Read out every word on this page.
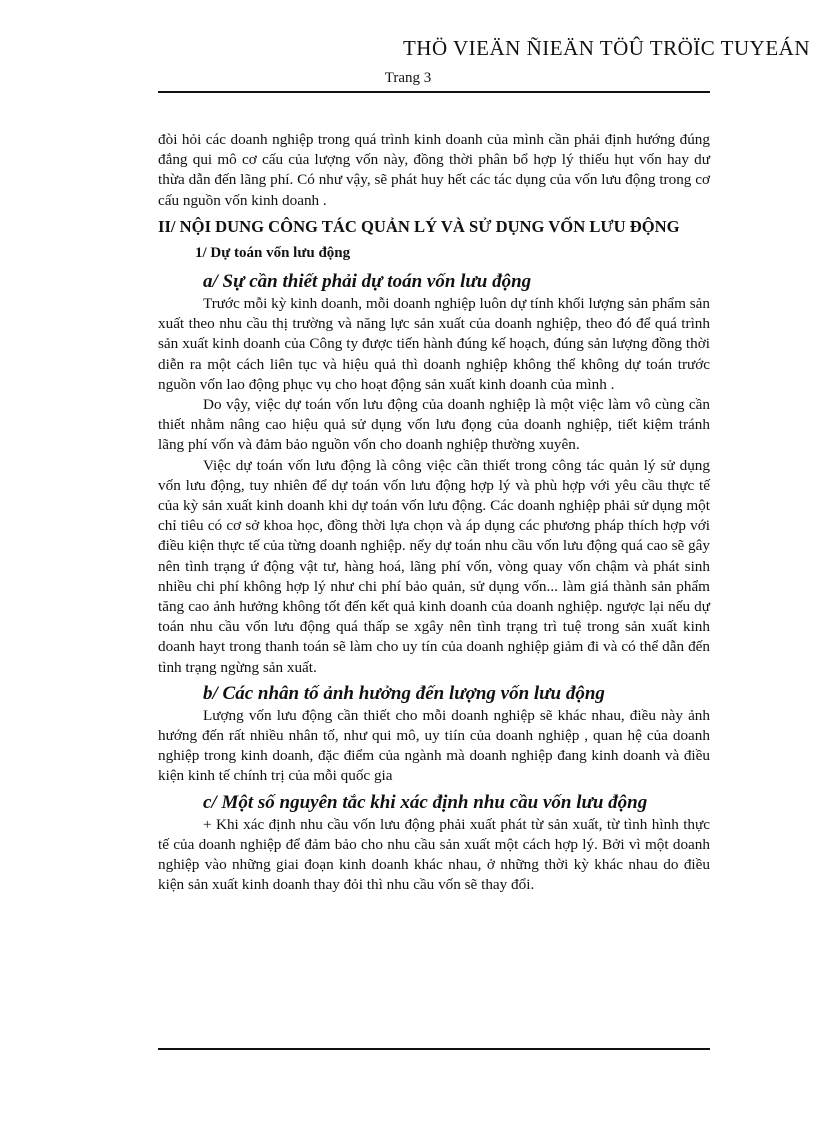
THÖ VIEÄN ÑIEÄN TÖÛ TRÖÏC TUYEÁN
Trang 3

đòi hỏi các doanh nghiệp trong quá trình kinh doanh của mình cần phải định hướng đúng đắng qui mô cơ cấu của lượng vốn này, đồng thời phân bổ hợp lý thiếu hụt vốn hay dư thừa dẫn đến lãng phí. Có như vậy, sẽ phát huy hết các tác dụng của vốn lưu động trong cơ cấu nguồn vốn kinh doanh .

II/ NỘI DUNG CÔNG TÁC QUẢN LÝ VÀ SỬ DỤNG VỐN LƯU ĐỘNG

1/ Dự toán vốn lưu động

a/ Sự cần thiết phải dự toán vốn lưu động

Trước mỗi kỳ kinh doanh, mỗi doanh nghiệp luôn dự tính khối lượng sản phẩm sản xuất theo nhu cầu thị trường và năng lực sản xuất của doanh nghiệp, theo đó để quá trình sản xuất kinh doanh của Công ty được tiến hành đúng kế hoạch, đúng sản lượng đồng thời diễn ra một cách liên tục và hiệu quả thì doanh nghiệp không thể không dự toán trước nguồn vốn lao động phục vụ cho hoạt động sản xuất kinh doanh của mình .

Do vậy, việc dự toán vốn lưu động của doanh nghiệp là một việc làm vô cùng cần thiết nhằm nâng cao hiệu quả sử dụng vốn lưu đọng của doanh nghiệp, tiết kiệm tránh lãng phí vốn và đảm bảo nguồn vốn cho doanh nghiệp thường xuyên.

Việc dự toán vốn lưu động là công việc cần thiết trong công tác quản lý sử dụng vốn lưu động, tuy nhiên để dự toán vốn lưu động hợp lý và phù hợp với yêu cầu thực tế của kỳ sản xuất kinh doanh khi dự toán vốn lưu động. Các doanh nghiệp phải sử dụng một chỉ tiêu có cơ sở khoa học, đồng thời lựa chọn và áp dụng các phương pháp thích hợp với điều kiện thực tế của từng doanh nghiệp. nếy dự toán nhu cầu vốn lưu động quá cao sẽ gây nên tình trạng ứ động vật tư, hàng hoá, lãng phí vốn, vòng quay vốn chậm và phát sinh nhiều chi phí không hợp lý như chi phí bảo quản, sử dụng vốn... làm giá thành sản phẩm tăng cao ảnh hưởng không tốt đến kết quả kinh doanh của doanh nghiệp. ngược lại nếu dự toán nhu cầu vốn lưu động quá thấp se xgây nên tình trạng trì tuệ trong sản xuất kinh doanh hayt trong thanh toán sẽ làm cho uy tín của doanh nghiệp giảm đi và có thể dẫn đến tình trạng ngừng sản xuất.

b/ Các nhân tố ảnh hưởng đến lượng vốn lưu động

Lượng vốn lưu động cần thiết cho mỗi doanh nghiệp sẽ khác nhau, điều này ảnh hướng đến rất nhiều nhân tố, như qui mô, uy tiín của doanh nghiệp , quan hệ của doanh nghiệp trong kinh doanh, đặc điểm của ngành mà doanh nghiệp đang kinh doanh và điều kiện kinh tế chính trị của mỗi quốc gia

c/ Một số nguyên tắc khi xác định nhu cầu vốn lưu động

+ Khi xác định nhu cầu vốn lưu động phải xuất phát từ sản xuất, từ tình hình thực tế của doanh nghiệp để đảm bảo cho nhu cầu sản xuất một cách hợp lý. Bởi vì một doanh nghiệp vào những giai đoạn kinh doanh khác nhau, ở những thời kỳ khác nhau do điều kiện sản xuất kinh doanh thay đỏi thì nhu cầu vốn sẽ thay đổi.
